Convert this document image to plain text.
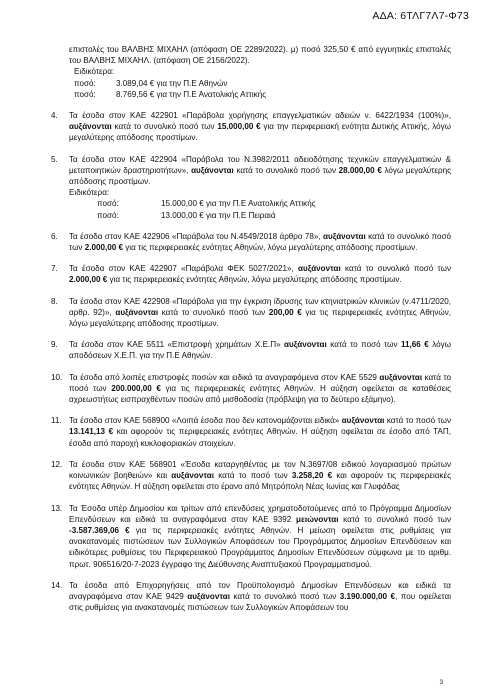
ΑΔΑ: 6ΤΛΓ7Λ7-Φ73
επιστολές του ΒΑΛΒΗΣ ΜΙΧΑΗΛ (απόφαση ΟΕ 2289/2022). μ) ποσό 325,50 € από εγγυητικές επιστολές του ΒΑΛΒΗΣ ΜΙΧΑΗΛ. (απόφαση ΟΕ 2156/2022).
Ειδικότερα:
ποσό:	3.089,04 € για την Π.Ε Αθηνών
ποσό:	8.769,56 € για την Π.Ε Ανατολικής Αττικής
4. Τα έσοδα στον ΚΑΕ 422901 «Παράβολα χορήγησης επαγγελματικών αδειών ν. 6422/1934 (100%)», αυξάνονται κατά το συνολικό ποσό των 15.000,00 € για την περιφερειακή ενότητα Δυτικής Αττικής, λόγω μεγαλύτερης απόδοσης προστίμων.
5. Τα έσοδα στον ΚΑΕ 422904 «Παράβολα του Ν.3982/2011 αδειοδότησης τεχνικών επαγγελματικών & μεταποιητικών δραστηριοτήτων», αυξάνονται κατά το συνολικό ποσό των 28.000,00 € λόγω μεγαλύτερης απόδοσης προστίμων.
Ειδικότερα:
ποσό:	15.000,00 € για την Π.Ε Ανατολικής Αττικής
ποσό:	13.000,00 € για την Π.Ε Πειραιά
6. Τα έσοδα στον ΚΑΕ 422906 «Παράβολα του Ν.4549/2018 άρθρο 78», αυξάνονται κατά το συνολικό ποσό των 2.000,00 € για τις περιφερειακές ενότητες Αθηνών, λόγω μεγαλύτερης απόδοσης προστίμων.
7. Τα έσοδα στον ΚΑΕ 422907 «Παράβολα ΦΕΚ 5027/2021», αυξάνονται κατά το συνολικό ποσό των 2.000,00 € για τις περιφερειακές ενότητες Αθηνών, λόγω μεγαλύτερης απόδοσης προστίμων.
8. Τα έσοδα στον ΚΑΕ 422908 «Παράβολα για την έγκριση ίδρυσης των κτηνιατρικών κλινικών (ν.4711/2020, αρθρ. 92)», αυξάνονται κατά το συνολικό ποσό των 200,00 € για τις περιφερειακές ενότητες Αθηνών, λόγω μεγαλύτερης απόδοσης προστίμων.
9. Τα έσοδα στον ΚΑΕ 5511 «Επιστροφή χρημάτων Χ.Ε.Π» αυξάνονται κατά το ποσό των 11,66 € λόγω αποδόσεων Χ.Ε.Π. για την Π.Ε Αθηνών.
10. Τα έσοδα από λοιπές επιστροφές ποσών και ειδικά τα αναγραφόμενα στον ΚΑΕ 5529 αυξάνονται κατά το ποσό των 200.000,00 € για τις περιφερειακές ενότητες Αθηνών. Η αύξηση οφείλεται σε καταθέσεις αχρεωστήτως εισπραχθέντων ποσών από μισθοδοσία (πρόβλεψη για το δεύτερο εξάμηνο).
11. Τα έσοδα στον ΚΑΕ 568900 «Λοιπά έσοδα που δεν κατονομάζονται ειδικά» αυξάνονται κατά το ποσό των 13.141,13 € και αφορούν τις περιφερειακές ενότητες Αθηνών. Η αύξηση οφείλεται σε έσοδο από ΤΑΠ, έσοδα από παροχή κυκλοφοριακών στοιχείων.
12. Τα έσοδα στον ΚΑΕ 568901 «Έσοδα καταργηθέντος με τον Ν.3697/08 ειδικού λογαριασμού πρώτων κοινωνικών βοηθειών» και αυξάνονται κατά το ποσό των 3.258,20 € και αφορούν τις περιφερειακές ενότητες Αθηνών. Η αύξηση οφείλεται στο έρανο από Μητρόπολη Νέας Ιωνίας και Γλυφάδας
13. Τα Έσοδα υπέρ Δημοσίου και τρίτων από επενδύσεις χρηματοδοτούμενες από το Πρόγραμμα Δημοσίων Επενδύσεων και ειδικά τα αναγραφόμενα στον ΚΑΕ 9392 μειώνονται κατά το συνολικό ποσό των -3.587.369,06 € για τις περιφερειακές ενότητες Αθηνών. Η μείωση οφείλεται στις ρυθμίσεις για ανακατανομές πιστώσεων των Συλλογικών Αποφάσεων του Προγράμματος Δημοσίων Επενδύσεων και ειδικότερες ρυθμίσεις του Περιφερειακού Προγράμματος Δημοσίων Επενδύσεων σύμφωνα με το αριθμ. πρωτ. 906516/20-7-2023 έγγραφο της Διεύθυνσης Αναπτυξιακού Προγραμματισμού.
14. Τα έσοδα από Επιχορηγήσεις από τον Προϋπολογισμό Δημοσίων Επενδύσεων και ειδικά τα αναγραφόμενα στον ΚΑΕ 9429 αυξάνονται κατά το συνολικό ποσό των 3.190.000,00 €, που οφείλεται στις ρυθμίσεις για ανακατανομές πιστώσεων των Συλλογικών Αποφάσεων του
3
